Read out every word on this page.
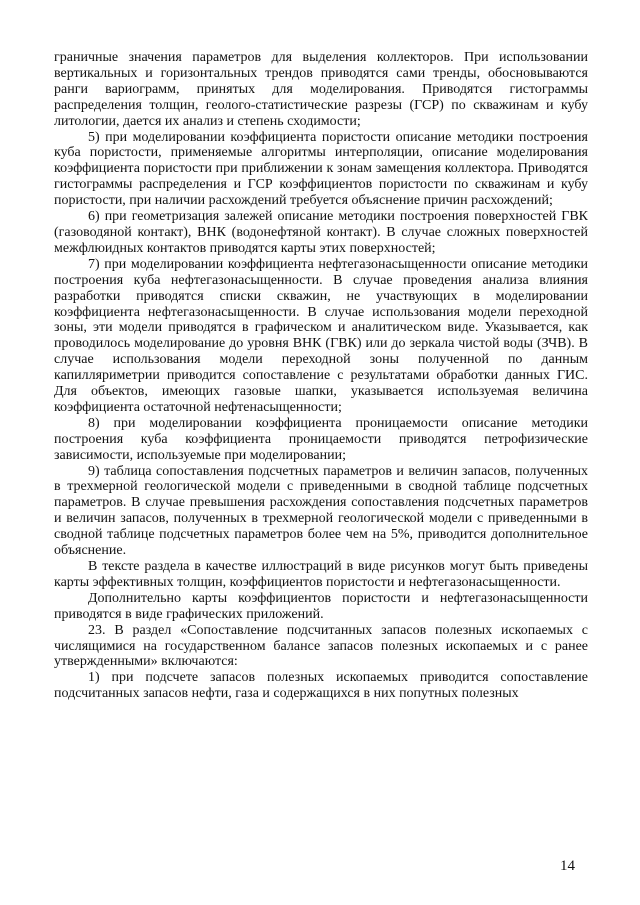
граничные значения параметров для выделения коллекторов. При использовании вертикальных и горизонтальных трендов приводятся сами тренды, обосновываются ранги вариограмм, принятых для моделирования. Приводятся гистограммы распределения толщин, геолого-статистические разрезы (ГСР) по скважинам и кубу литологии, дается их анализ и степень сходимости;

5) при моделировании коэффициента пористости описание методики построения куба пористости, применяемые алгоритмы интерполяции, описание моделирования коэффициента пористости при приближении к зонам замещения коллектора. Приводятся гистограммы распределения и ГСР коэффициентов пористости по скважинам и кубу пористости, при наличии расхождений требуется объяснение причин расхождений;

6) при геометризация залежей описание методики построения поверхностей ГВК (газоводяной контакт), ВНК (водонефтяной контакт). В случае сложных поверхностей межфлюидных контактов приводятся карты этих поверхностей;

7) при моделировании коэффициента нефтегазонасыщенности описание методики построения куба нефтегазонасыщенности. В случае проведения анализа влияния разработки приводятся списки скважин, не участвующих в моделировании коэффициента нефтегазонасыщенности. В случае использования модели переходной зоны, эти модели приводятся в графическом и аналитическом виде. Указывается, как проводилось моделирование до уровня ВНК (ГВК) или до зеркала чистой воды (ЗЧВ). В случае использования модели переходной зоны полученной по данным капилляриметрии приводится сопоставление с результатами обработки данных ГИС. Для объектов, имеющих газовые шапки, указывается используемая величина коэффициента остаточной нефтенасыщенности;

8) при моделировании коэффициента проницаемости описание методики построения куба коэффициента проницаемости приводятся петрофизические зависимости, используемые при моделировании;

9) таблица сопоставления подсчетных параметров и величин запасов, полученных в трехмерной геологической модели с приведенными в сводной таблице подсчетных параметров. В случае превышения расхождения сопоставления подсчетных параметров и величин запасов, полученных в трехмерной геологической модели с приведенными в сводной таблице подсчетных параметров более чем на 5%, приводится дополнительное объяснение.

В тексте раздела в качестве иллюстраций в виде рисунков могут быть приведены карты эффективных толщин, коэффициентов пористости и нефтегазонасыщенности.

Дополнительно карты коэффициентов пористости и нефтегазонасыщенности приводятся в виде графических приложений.

23. В раздел «Сопоставление подсчитанных запасов полезных ископаемых с числящимися на государственном балансе запасов полезных ископаемых и с ранее утвержденными» включаются:

1) при подсчете запасов полезных ископаемых приводится сопоставление подсчитанных запасов нефти, газа и содержащихся в них попутных полезных

14
